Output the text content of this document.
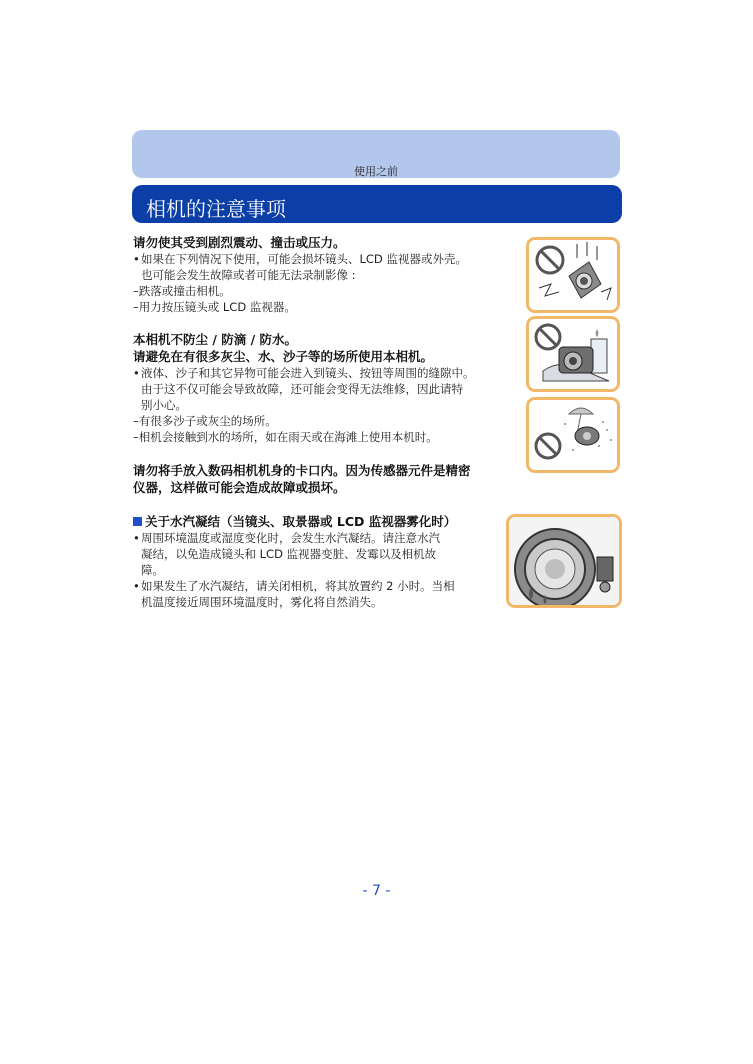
使用之前
相机的注意事项
请勿使其受到剧烈震动、撞击或压力。
• 如果在下列情况下使用，可能会损坏镜头、LCD 监视器或外壳。
也可能会发生故障或者可能无法录制影像 :
–跌落或撞击相机。
–用力按压镜头或 LCD 监视器。
本相机不防尘 / 防滴 / 防水。
请避免在有很多灰尘、水、沙子等的场所使用本相机。
• 液体、沙子和其它异物可能会进入到镜头、按钮等周围的缝隙中。
由于这不仅可能会导致故障，还可能会变得无法维修，因此请特
别小心。
–有很多沙子或灰尘的场所。
–相机会接触到水的场所，如在雨天或在海滩上使用本机时。
请勿将手放入数码相机机身的卡口内。因为传感器元件是精密
仪器，这样做可能会造成故障或损坏。
关于水汽凝结（当镜头、取景器或 LCD 监视器雾化时）
• 周围环境温度或湿度变化时，会发生水汽凝结。请注意水汽
凝结，以免造成镜头和 LCD 监视器变脏、发霉以及相机故
障。
• 如果发生了水汽凝结，请关闭相机，将其放置约 2 小时。当相
机温度接近周围环境温度时，雾化将自然消失。
- 7 -
